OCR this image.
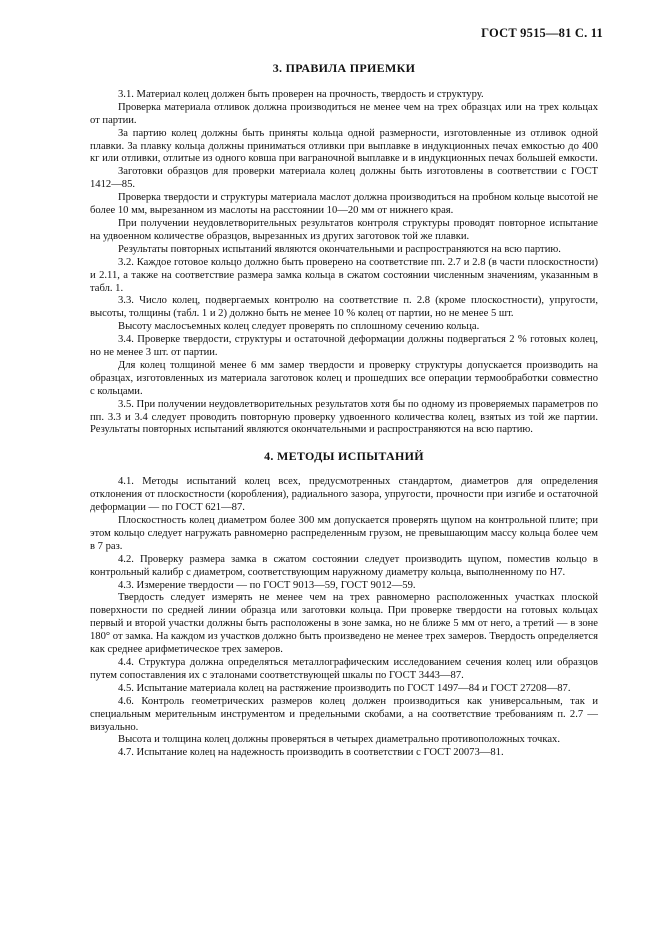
ГОСТ 9515—81 С. 11
3. ПРАВИЛА ПРИЕМКИ

3.1. Материал колец должен быть проверен на прочность, твердость и структуру.

Проверка материала отливок должна производиться не менее чем на трех образцах или на трех кольцах от партии.

За партию колец должны быть приняты кольца одной размерности, изготовленные из отливок одной плавки. За плавку кольца должны приниматься отливки при выплавке в индукционных печах емкостью до 400 кг или отливки, отлитые из одного ковша при ваграночной выплавке и в индукционных печах большей емкости.

Заготовки образцов для проверки материала колец должны быть изготовлены в соответствии с ГОСТ 1412—85.

Проверка твердости и структуры материала маслот должна производиться на пробном кольце высотой не более 10 мм, вырезанном из маслоты на расстоянии 10—20 мм от нижнего края.

При получении неудовлетворительных результатов контроля структуры проводят повторное испытание на удвоенном количестве образцов, вырезанных из других заготовок той же плавки.

Результаты повторных испытаний являются окончательными и распространяются на всю партию.

3.2. Каждое готовое кольцо должно быть проверено на соответствие пп. 2.7 и 2.8 (в части плоскостности) и 2.11, а также на соответствие размера замка кольца в сжатом состоянии численным значениям, указанным в табл. 1.

3.3. Число колец, подвергаемых контролю на соответствие п. 2.8 (кроме плоскостности), упругости, высоты, толщины (табл. 1 и 2) должно быть не менее 10 % колец от партии, но не менее 5 шт.

Высоту маслосъемных колец следует проверять по сплошному сечению кольца.

3.4. Проверке твердости, структуры и остаточной деформации должны подвергаться 2 % готовых колец, но не менее 3 шт. от партии.

Для колец толщиной менее 6 мм замер твердости и проверку структуры допускается производить на образцах, изготовленных из материала заготовок колец и прошедших все операции термообработки совместно с кольцами.

3.5. При получении неудовлетворительных результатов хотя бы по одному из проверяемых параметров по пп. 3.3 и 3.4 следует проводить повторную проверку удвоенного количества колец, взятых из той же партии. Результаты повторных испытаний являются окончательными и распространяются на всю партию.

4. МЕТОДЫ ИСПЫТАНИЙ

4.1. Методы испытаний колец всех, предусмотренных стандартом, диаметров для определения отклонения от плоскостности (коробления), радиального зазора, упругости, прочности при изгибе и остаточной деформации — по ГОСТ 621—87.

Плоскостность колец диаметром более 300 мм допускается проверять щупом на контрольной плите; при этом кольцо следует нагружать равномерно распределенным грузом, не превышающим массу кольца более чем в 7 раз.

4.2. Проверку размера замка в сжатом состоянии следует производить щупом, поместив кольцо в контрольный калибр с диаметром, соответствующим наружному диаметру кольца, выполненному по Н7.

4.3. Измерение твердости — по ГОСТ 9013—59, ГОСТ 9012—59.

Твердость следует измерять не менее чем на трех равномерно расположенных участках плоской поверхности по средней линии образца или заготовки кольца. При проверке твердости на готовых кольцах первый и второй участки должны быть расположены в зоне замка, но не ближе 5 мм от него, а третий — в зоне 180° от замка. На каждом из участков должно быть произведено не менее трех замеров. Твердость определяется как среднее арифметическое трех замеров.

4.4. Структура должна определяться металлографическим исследованием сечения колец или образцов путем сопоставления их с эталонами соответствующей шкалы по ГОСТ 3443—87.

4.5. Испытание материала колец на растяжение производить по ГОСТ 1497—84 и ГОСТ 27208—87.

4.6. Контроль геометрических размеров колец должен производиться как универсальным, так и специальным мерительным инструментом и предельными скобами, а на соответствие требованиям п. 2.7 — визуально.

Высота и толщина колец должны проверяться в четырех диаметрально противоположных точках.

4.7. Испытание колец на надежность производить в соответствии с ГОСТ 20073—81.
